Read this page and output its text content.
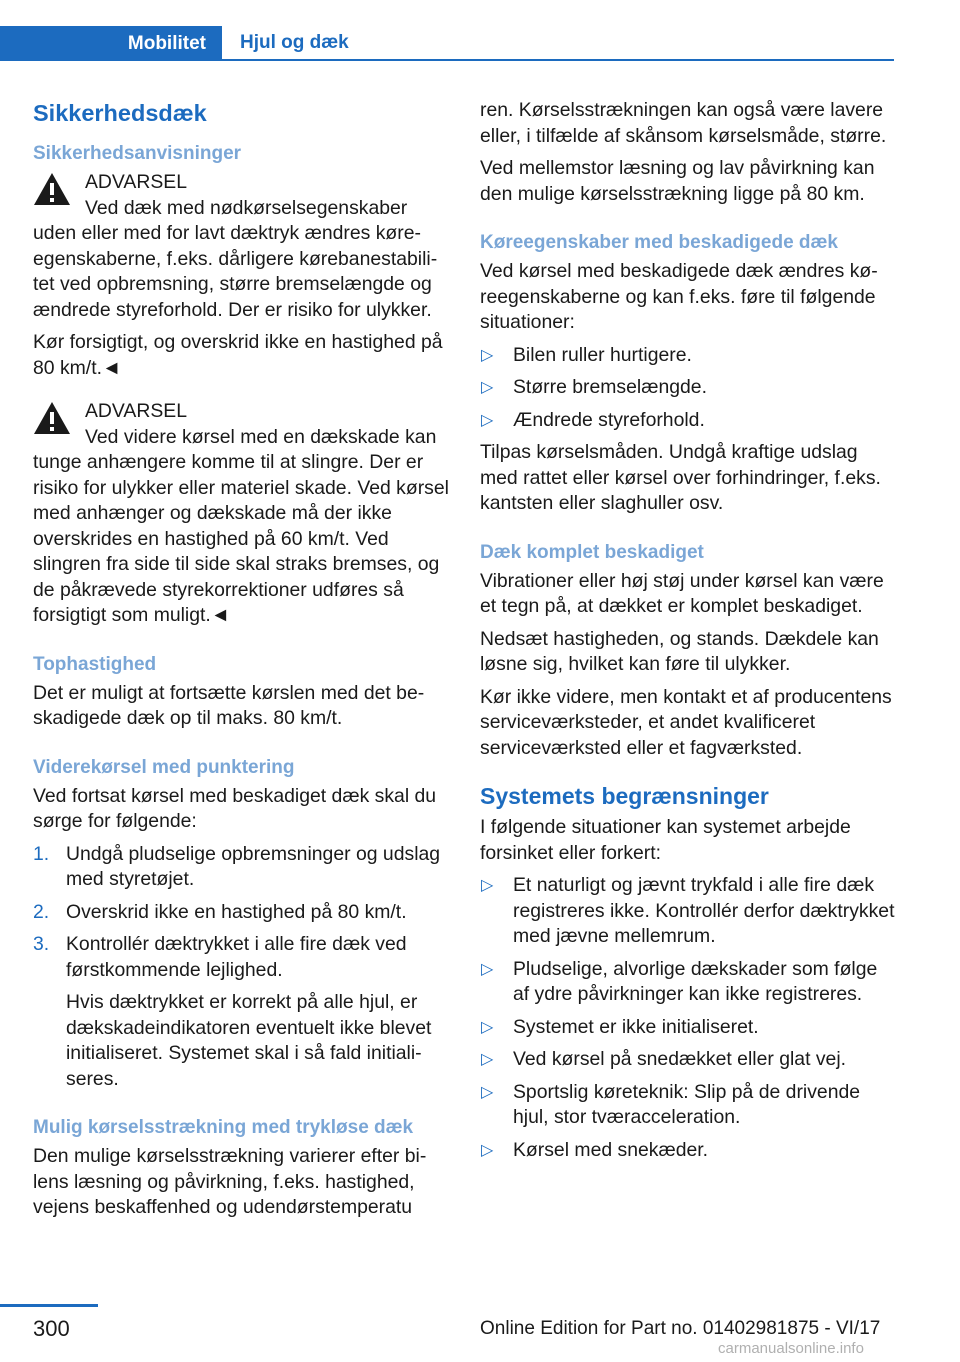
Mobilitet	Hjul og dæk
Sikkerhedsdæk
Sikkerhedsanvisninger
ADVARSEL
Ved dæk med nødkørselsegenskaber uden eller med for lavt dæktryk ændres køreegenskaberne, f.eks. dårligere kørebanestabilitet ved opbremsning, større bremselængde og ændrede styreforhold. Der er risiko for ulykker.

Kør forsigtigt, og overskrid ikke en hastighed på 80 km/t.◄

ADVARSEL
Ved videre kørsel med en dækskade kan tunge anhængere komme til at slingre. Der er risiko for ulykker eller materiel skade. Ved kørsel med anhænger og dækskade må der ikke overskrides en hastighed på 60 km/t. Ved slingren fra side til side skal straks bremses, og de påkrævede styrekorrektioner udføres så forsigtigt som muligt.◄
Tophastighed

Det er muligt at fortsætte kørslen med det beskadigede dæk op til maks. 80 km/t.

Viderekørsel med punktering

Ved fortsat kørsel med beskadiget dæk skal du sørge for følgende:

1. Undgå pludselige opbremsninger og udslag med styretøjet.
2. Overskrid ikke en hastighed på 80 km/t.
3. Kontrollér dæktrykket i alle fire dæk ved førstkommende lejlighed.
Hvis dæktrykket er korrekt på alle hjul, er dækskadeindikatoren eventuelt ikke blevet initialiseret. Systemet skal i så fald initialiseres.
Mulig kørselsstrækning med trykløse dæk

Den mulige kørselsstrækning varierer efter bilens læsning og påvirkning, f.eks. hastighed, vejens beskaffenhed og udendørstemperatu

ren. Kørselsstrækningen kan også være lavere eller, i tilfælde af skånsom kørselsmåde, større.

Ved mellemstor læsning og lav påvirkning kan den mulige kørselsstrækning ligge på 80 km.

Køreegenskaber med beskadigede dæk

Ved kørsel med beskadigede dæk ændres køreegenskaberne og kan f.eks. føre til følgende situationer:

▷ Bilen ruller hurtigere.
▷ Større bremselængde.
▷ Ændrede styreforhold.

Tilpas kørselsmåden. Undgå kraftige udslag med rattet eller kørsel over forhindringer, f.eks. kantsten eller slaghuller osv.

Dæk komplet beskadiget

Vibrationer eller høj støj under kørsel kan være et tegn på, at dækket er komplet beskadiget.

Nedsæt hastigheden, og stands. Dækdele kan løsne sig, hvilket kan føre til ulykker.

Kør ikke videre, men kontakt et af producentens serviceværksteder, et andet kvalificeret serviceværksted eller et fagværksted.

Systemets begrænsninger

I følgende situationer kan systemet arbejde forsinket eller forkert:

▷ Et naturligt og jævnt trykfald i alle fire dæk registreres ikke. Kontrollér derfor dæktrykket med jævne mellemrum.
▷ Pludselige, alvorlige dækskader som følge af ydre påvirkninger kan ikke registreres.
▷ Systemet er ikke initialiseret.
▷ Ved kørsel på snedækket eller glat vej.
▷ Sportslig køreteknik: Slip på de drivende hjul, stor tværacceleration.
▷ Kørsel med snekæder.
300	Online Edition for Part no. 01402981875 - VI/17
carmanualsonline.info
